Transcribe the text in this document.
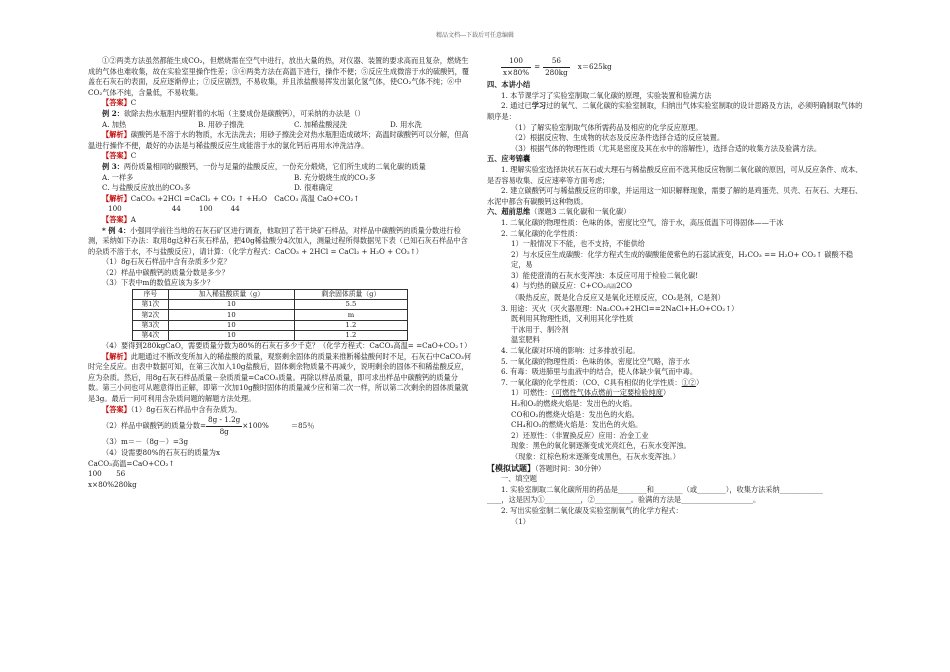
精品文档---下载后可任意编辑

①②两类方法虽然都能生成CO₂，但燃烧需在空气中进行，放出大量的热，对仪器、装置的要求高而且复杂，燃烧生成的气体也难收集，故在实验室里操作性差；③④两类方法在高温下进行，操作不便；⑤反应生成微溶于水的硫酸钙，覆盖在石灰石的表面，反应逐渐停止；⑦反应剧烈，不易收集，并且浓盐酸易挥发出氯化氢气体，使CO₂气体不纯；⑥中CO₂气体不纯，含量低，不易收集。

【答案】C

例 2：欲除去热水瓶胆内壁附着的水垢（主要成份是碳酸钙），可采纳的办法是（）

A. 加热	B. 用砂子擦洗	C. 加稀盐酸浸洗	D. 用水洗

【解析】碳酸钙是不溶于水的物质，水无法洗去；用砂子擦洗会对热水瓶胆造成破坏；高温时碳酸钙可以分解，但高温进行操作不便，最好的办法是与稀盐酸反应生成能溶于水的氯化钙后再用水冲洗洁净。

【答案】C

例 3：两份质量相同的碳酸钙，一份与足量的盐酸反应，一份充分煅烧，它们所生成的二氧化碳的质量

A. 一样多	B. 充分煅烧生成的CO₂多

C. 与盐酸反应放出的CO₂多	D. 很难确定

【解析】CaCO₃ +2HCl =CaCl₂ + CO₂ ↑ +H₂O　 CaCO₃ 高温 CaO+CO₂↑

100	44	100	44

【答案】A

* 例 4：小强同学前往当地的石灰石矿区进行调查，他取回了若干块矿石样品，对样品中碳酸钙的质量分数进行检测，采纳如下办法：取用8g这种石灰石样品，把40g稀盐酸分4次加入，测量过程所得数据见下表（已知石灰石样品中含的杂质不溶于水，不与盐酸反应），请计算：（化学方程式：CaCO₃ + 2HCl = CaCl₂ + H₂O + CO₂↑）

（1）8g石灰石样品中含有杂质多少克？

（2）样品中碳酸钙的质量分数是多少？

（3）下表中m的数值应该为多少？

序号	加入稀盐酸质量（g）	剩余固体质量（g）
第1次	10	5.5
第2次	10	m
第3次	10	1.2
第4次	10	1.2

（4）要得到280kgCaO，需要质量分数为80%的石灰石多少千克？（化学方程式：CaCO₃高温= =CaO+CO₂↑）

【解析】此题通过不断改变所加入的稀盐酸的质量，观察剩余固体的质量来推断稀盐酸何时不足，石灰石中CaCO₃何时完全反应。由表中数据可知，在第三次加入10g盐酸后，固体剩余物质量不再减少，说明剩余的固体不和稀盐酸反应，应为杂质。然后，用8g石灰石样品质量－杂质质量=CaCO₃质量。再除以样品质量，即可求出样品中碳酸钙的质量分数。第三小问也可从题意得出正解，即第一次加10g酸时固体的质量减少应和第二次一样，所以第二次剩余的固体质量就是3g。最后一问可利用含杂质问题的解题方法处理。

【答案】（1）8g石灰石样品中含有杂质为。

（2）样品中碳酸钙的质量分数= $\frac{8g - 1.2g}{8g} \times 100\%$	＝85％

（3）m＝－（8g－）=3g

（4）设需要80%的石灰石的质量为x

CaCO₃高温=CaO+CO₂↑

100　　56

x×80%280kg

$\frac{100}{x\times 80\%} = \frac{56}{280kg}$	x＝625kg

四、本讲小结

1. 本节课学习了实验室制取二氧化碳的原理，实验装置和验满方法

2. 通过已学习过的氧气、二氧化碳的实验室制取，归纳出气体实验室制取的设计思路及方法，必须明确制取气体的顺序是：

（1）了解实验室制取气体所需药品及相应的化学反应原理。

（2）根据反应物、生成物的状态及反应条件选择合适的反应装置。

（3）根据气体的物理性质（尤其是密度及其在水中的溶解性），选择合适的收集方法及验满方法。

五、应考锦囊

1. 理解实验室选择块状石灰石或大理石与稀盐酸反应而不选其他反应物制二氧化碳的原因，可从反应条件、成本、是否容易收集、反应速率等方面考虑；

2. 建立碳酸钙可与稀盐酸反应的印象，并运用这一知识解释现象，需要了解的是鸡蛋壳、贝壳、石灰石、大理石、水泥中都含有碳酸钙这种物质。

六、超前思维（课题3 二氧化碳和一氧化碳）

1. 二氧化碳的物理性质：色味的体，密度比空气，溶于水，高压低温下可得固体——干冰

2. 二氧化碳的化学性质：

1）一般情况下不能，也不支持，不能供给

2）与水反应生成碳酸：化学方程式生成的碳酸能使紫色的石蕊试液变，H₂CO₃ == H₂O+ CO₂↑ 碳酸不稳定，易

3）能使澄清的石灰水变浑浊：本反应可用于检验二氧化碳!

4）与灼热的碳反应：C+CO₂高温2CO

（吸热反应，既是化合反应又是氧化还原反应，CO₂是剂，C是剂）

3. 用途：灭火（灭火器原理：Na₂CO₃+2HCl==2NaCl+H₂O+CO₂↑）

既利用其物理性质，又利用其化学性质

干冰用于、制冷剂

温室肥料

4. 二氧化碳对环境的影响：过多排放引起。

5. 一氧化碳的物理性质：色味的体，密度比空气略，溶于水

6. 有毒：吸进肺里与血液中的结合，使人体缺少氧气而中毒。

7. 一氧化碳的化学性质：（CO、C具有相似的化学性质：①②）

1）可燃性：（可燃性气体点燃前一定要检验纯度）

H₂和O₂的燃烧火焰是：发出色的火焰。

CO和O₂的燃烧火焰是：发出色的火焰。

CH₄和O₂的燃烧火焰是：发出色的火焰。

2）还原性：（非置换反应）应用：冶金工业

现象：黑色的氧化铜逐渐变成光亮红色，石灰水变浑浊。

（现象：红棕色粉末逐渐变成黑色，石灰水变浑浊。）

【模拟试题】（答题时间：30分钟）

一、填空题

1. 实验室制取二氧化碳所用的药品是________和________（或________），收集方法采纳____________

____，这是因为①__________，②__________。验满的方法是____________________。

2. 写出实验室制二氧化碳及实验室制氧气的化学方程式：

（1）
